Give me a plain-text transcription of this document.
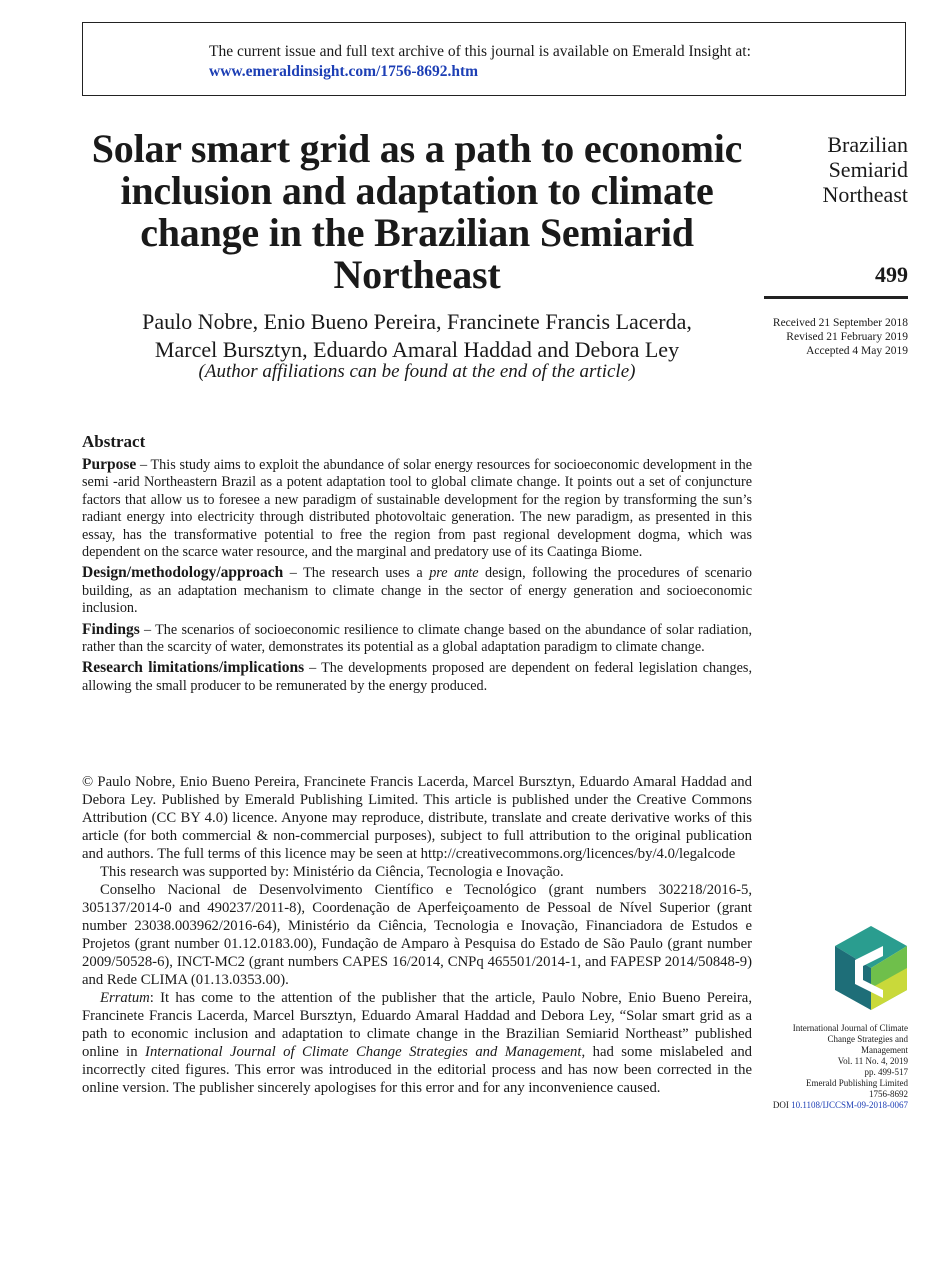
The current issue and full text archive of this journal is available on Emerald Insight at:
www.emeraldinsight.com/1756-8692.htm
Solar smart grid as a path to economic inclusion and adaptation to climate change in the Brazilian Semiarid Northeast
Paulo Nobre, Enio Bueno Pereira, Francinete Francis Lacerda,
Marcel Bursztyn, Eduardo Amaral Haddad and Debora Ley
(Author affiliations can be found at the end of the article)
Brazilian
Semiarid
Northeast
499
Received 21 September 2018
Revised 21 February 2019
Accepted 4 May 2019
Abstract

Purpose – This study aims to exploit the abundance of solar energy resources for socioeconomic development in the semi -arid Northeastern Brazil as a potent adaptation tool to global climate change. It points out a set of conjuncture factors that allow us to foresee a new paradigm of sustainable development for the region by transforming the sun’s radiant energy into electricity through distributed photovoltaic generation. The new paradigm, as presented in this essay, has the transformative potential to free the region from past regional development dogma, which was dependent on the scarce water resource, and the marginal and predatory use of its Caatinga Biome.

Design/methodology/approach – The research uses a pre ante design, following the procedures of scenario building, as an adaptation mechanism to climate change in the sector of energy generation and socioeconomic inclusion.

Findings – The scenarios of socioeconomic resilience to climate change based on the abundance of solar radiation, rather than the scarcity of water, demonstrates its potential as a global adaptation paradigm to climate change.

Research limitations/implications – The developments proposed are dependent on federal legislation changes, allowing the small producer to be remunerated by the energy produced.

© Paulo Nobre, Enio Bueno Pereira, Francinete Francis Lacerda, Marcel Bursztyn, Eduardo Amaral Haddad and Debora Ley. Published by Emerald Publishing Limited. This article is published under the Creative Commons Attribution (CC BY 4.0) licence. Anyone may reproduce, distribute, translate and create derivative works of this article (for both commercial & non-commercial purposes), subject to full attribution to the original publication and authors. The full terms of this licence may be seen at http://creativecommons.org/licences/by/4.0/legalcode

This research was supported by: Ministério da Ciência, Tecnologia e Inovação.

Conselho Nacional de Desenvolvimento Científico e Tecnológico (grant numbers 302218/2016-5, 305137/2014-0 and 490237/2011-8), Coordenação de Aperfeiçoamento de Pessoal de Nível Superior (grant number 23038.003962/2016-64), Ministério da Ciência, Tecnologia e Inovação, Financiadora de Estudos e Projetos (grant number 01.12.0183.00), Fundação de Amparo à Pesquisa do Estado de São Paulo (grant number 2009/50528-6), INCT-MC2 (grant numbers CAPES 16/2014, CNPq 465501/2014-1, and FAPESP 2014/50848-9) and Rede CLIMA (01.13.0353.00).

Erratum: It has come to the attention of the publisher that the article, Paulo Nobre, Enio Bueno Pereira, Francinete Francis Lacerda, Marcel Bursztyn, Eduardo Amaral Haddad and Debora Ley, “Solar smart grid as a path to economic inclusion and adaptation to climate change in the Brazilian Semiarid Northeast” published online in International Journal of Climate Change Strategies and Management, had some mislabeled and incorrectly cited figures. This error was introduced in the editorial process and has now been corrected in the online version. The publisher sincerely apologises for this error and for any inconvenience caused.

International Journal of Climate
Change Strategies and
Management
Vol. 11 No. 4, 2019
pp. 499-517
Emerald Publishing Limited
1756-8692
DOI 10.1108/IJCCSM-09-2018-0067
